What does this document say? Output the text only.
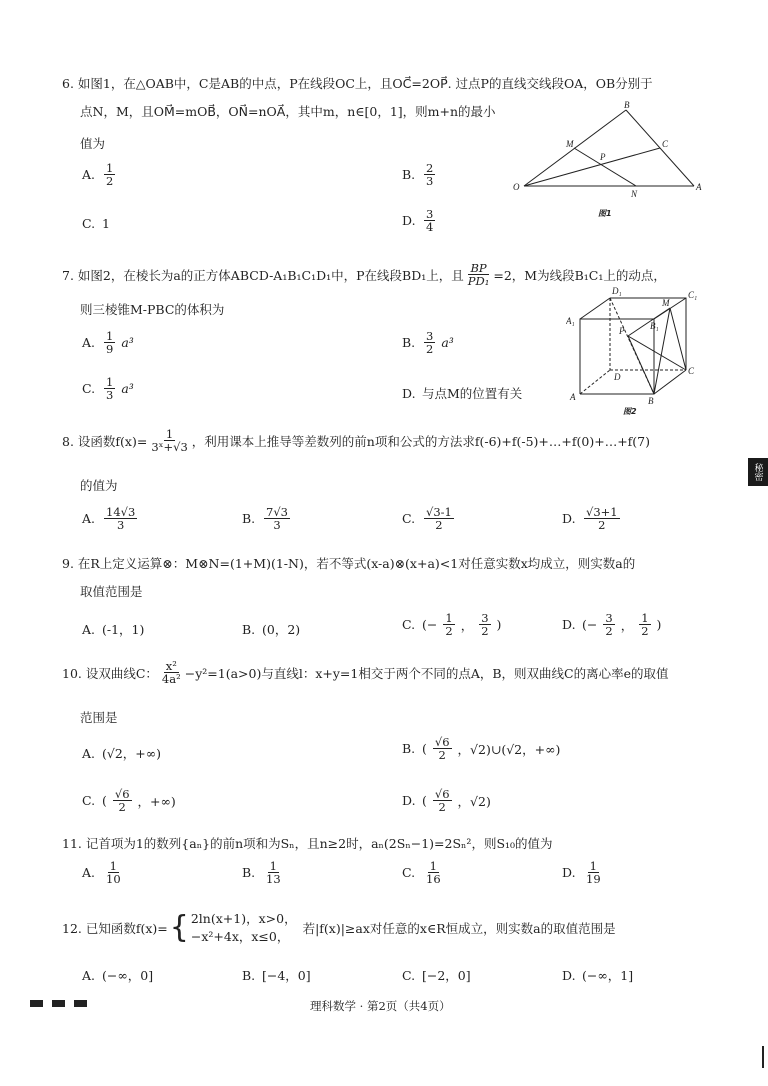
6. 如图1，在△OAB中，C是AB的中点，P在线段OC上，且OC⃗=2OP⃗. 过点P的直线交线段OA，OB分别于
点N，M，且OM⃗=mOB⃗，ON⃗=nOA⃗，其中m，n∈[0，1]，则m+n的最小
值为
A. $\frac{1}{2}$	B. $\frac{2}{3}$
C. 1	D. $\frac{3}{4}$
O	A
B
C
M
N
P
图1
7. 如图2，在棱长为a的正方体ABCD-A₁B₁C₁D₁中，P在线段BD₁上，且 $\frac{BP}{\text{PD₁}} =2$，M为线段B₁C₁上的动点，
则三棱锥M-PBC的体积为
A. $\frac{1}{9} a^3$	B. $\frac{3}{2} a^3$
C. $\frac{1}{3} a^3$	D. 与点M的位置有关
D₁	C₁
A₁
M
B₁
P
D
C
A	B
图2
8. 设函数$f(x)= \frac{1}{\text{3ˣ+√3}}$ ，利用课本上推导等差数列的前n项和公式的方法求f(-6)+f(-5)+…+f(0)+…+f(7)
的值为
A. $\frac{14√3}{3}$	B. $\frac{7√3}{3}$	C. $\frac{√3-1}{2}$	D. $\frac{√3+1}{2}$
9. 在R上定义运算⊗：M⊗N=(1+M)(1-N)，若不等式(x-a)⊗(x+a)<1对任意实数x均成立，则实数a的
取值范围是
A. (-1，1)	B. (0，2)	C. (− $\frac{1}{2}$ ， $\frac{3}{2}$ )	D. (− $\frac{3}{2}$ ， $\frac{1}{2}$ )
10. 设双曲线C： $\frac{\text{x²}}{\text{4a²}} -y^2=1(a>0)$与直线l：x+y=1相交于两个不同的点A，B，则双曲线C的离心率e的取值
范围是
A. (√2，+∞)	B. ( $\frac{√6}{2}$ ，√2)∪(√2，+∞)
C. ( $\frac{√6}{2}$ ，+∞)	D. ( $\frac{√6}{2}$ ，√2)
11. 记首项为1的数列{aₙ}的前n项和为Sₙ，且n≥2时，aₙ(2Sₙ−1)=2Sₙ²，则S₁₀的值为
A. $\frac{1}{10}$	B. $\frac{1}{13}$	C. $\frac{1}{16}$	D. $\frac{1}{19}$
12. 已知函数f(x)= { 2ln(x+1)，x>0，
−x²+4x，x≤0，
若|f(x)|≥ax对任意的x∈R恒成立，则实数a的取值范围是
A. (−∞，0]	B. [−4，0]	C. [−2，0]	D. (−∞，1]
理科数学 · 第2页（共4页）
秘密
